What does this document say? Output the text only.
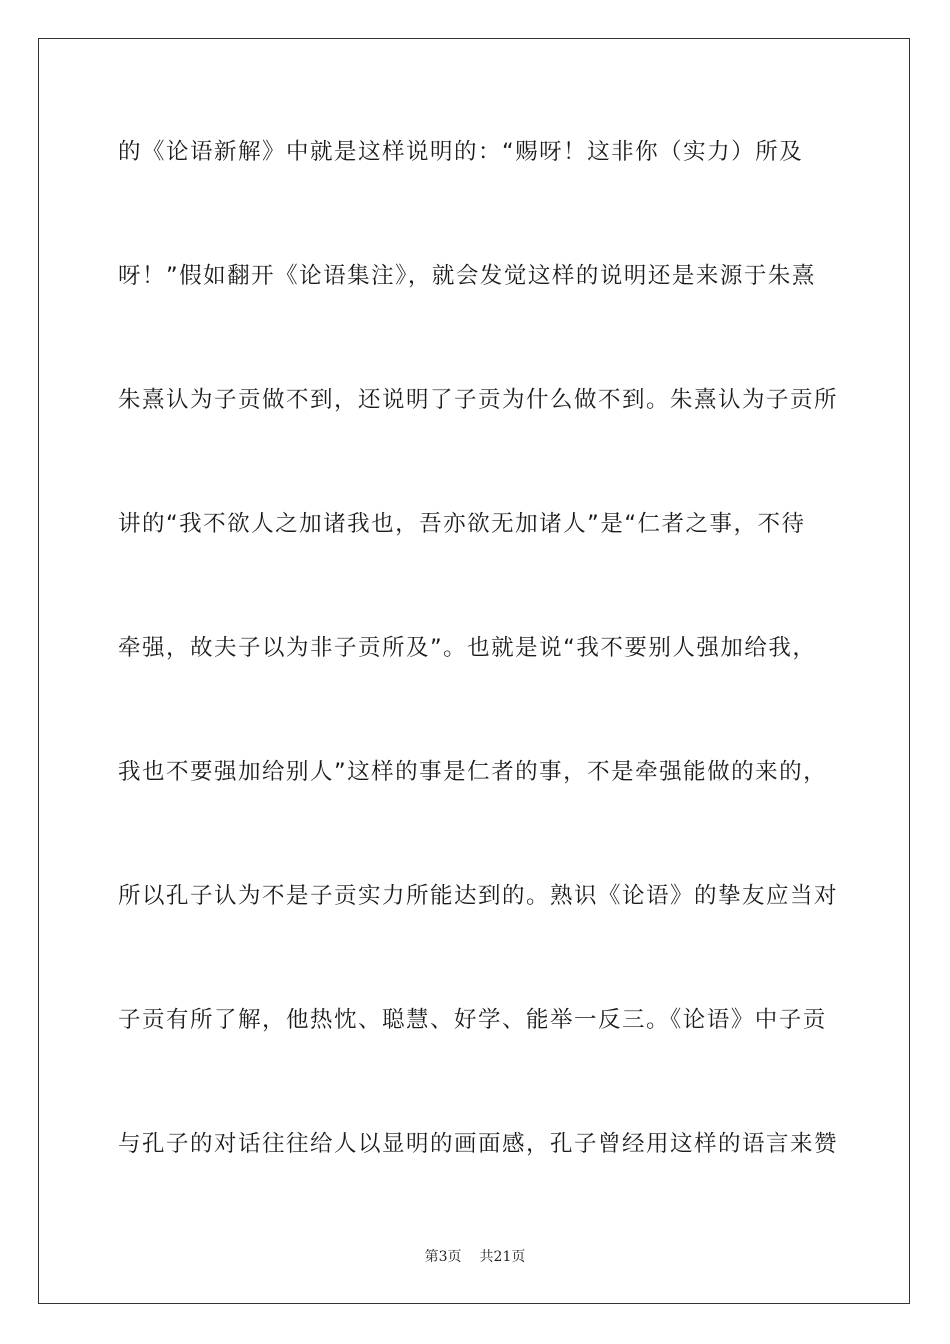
的《论语新解》中就是这样说明的：“赐呀！这非你（实力）所及
呀！”假如翻开《论语集注》，就会发觉这样的说明还是来源于朱熹
朱熹认为子贡做不到，还说明了子贡为什么做不到。朱熹认为子贡所
讲的“我不欲人之加诸我也，吾亦欲无加诸人”是“仁者之事，不待
牵强，故夫子以为非子贡所及”。也就是说“我不要别人强加给我，
我也不要强加给别人”这样的事是仁者的事，不是牵强能做的来的，
所以孔子认为不是子贡实力所能达到的。熟识《论语》的挚友应当对
子贡有所了解，他热忱、聪慧、好学、能举一反三。《论语》中子贡
与孔子的对话往往给人以显明的画面感，孔子曾经用这样的语言来赞
第3页 共21页
